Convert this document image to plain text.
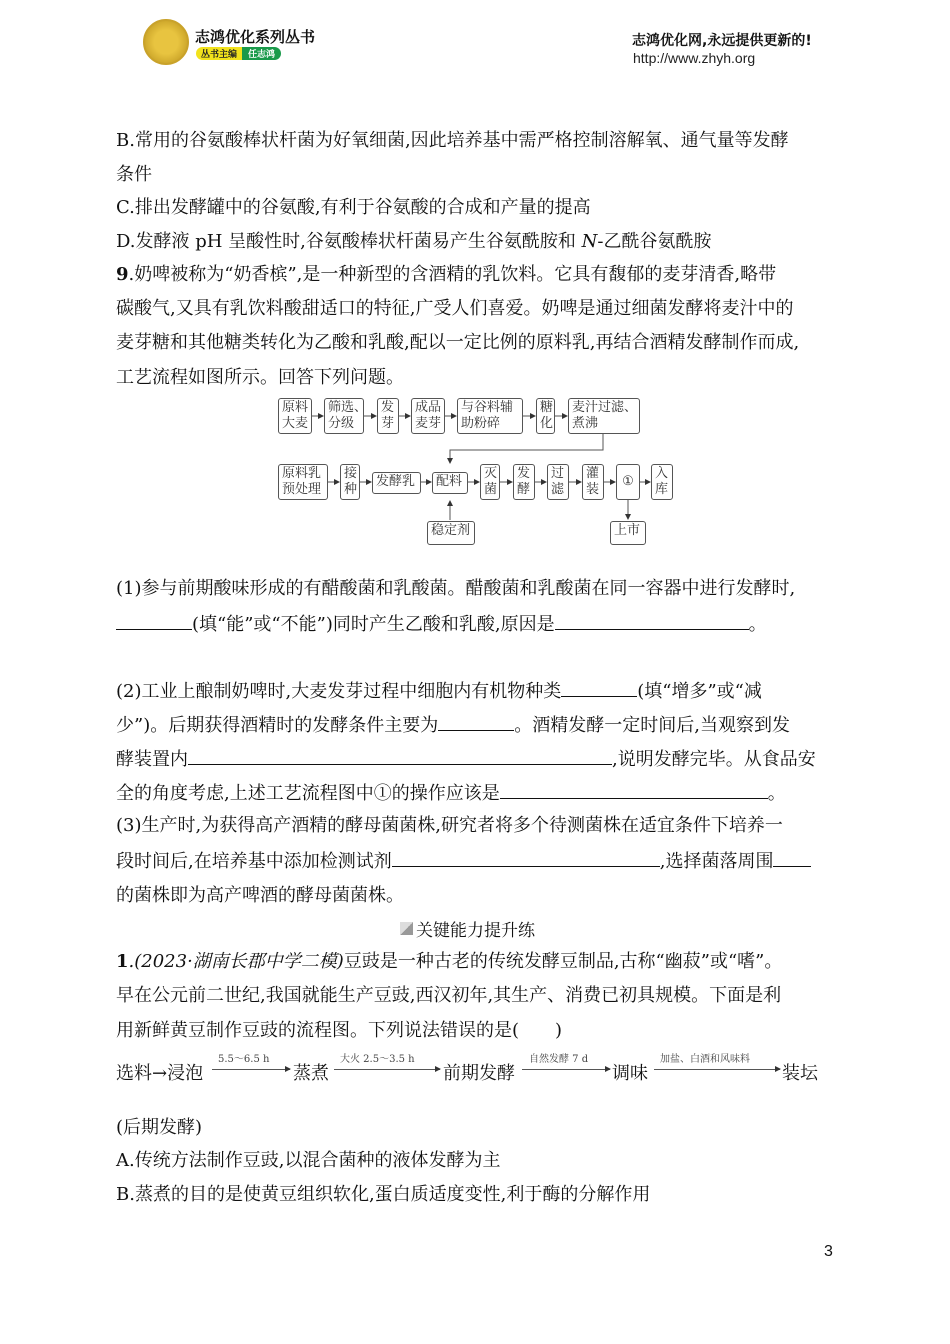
志鸿优化系列丛书
丛书主编	任志鸿
志鸿优化网,永远提供更新的!
http://www.zhyh.org
B.常用的谷氨酸棒状杆菌为好氧细菌,因此培养基中需严格控制溶解氧、通气量等发酵
条件
C.排出发酵罐中的谷氨酸,有利于谷氨酸的合成和产量的提高
D.发酵液 pH 呈酸性时,谷氨酸棒状杆菌易产生谷氨酰胺和 N-乙酰谷氨酰胺
9.奶啤被称为“奶香槟”,是一种新型的含酒精的乳饮料。它具有馥郁的麦芽清香,略带
碳酸气,又具有乳饮料酸甜适口的特征,广受人们喜爱。奶啤是通过细菌发酵将麦汁中的
麦芽糖和其他糖类转化为乙酸和乳酸,配以一定比例的原料乳,再结合酒精发酵制作而成,
工艺流程如图所示。回答下列问题。
原料
大麦
筛选、
分级
发
芽
成品
麦芽
与谷料辅
助粉碎
糖
化
麦汁过滤、
煮沸
原料乳
预处理
接
种
发酵乳	配料
灭
菌
发
酵
过
滤
灌
装
①
入
库
稳定剂	上市
(1)参与前期酸味形成的有醋酸菌和乳酸菌。醋酸菌和乳酸菌在同一容器中进行发酵时,
(填“能”或“不能”)同时产生乙酸和乳酸,原因是	。
(2)工业上酿制奶啤时,大麦发芽过程中细胞内有机物种类	(填“增多”或“减
少”)。后期获得酒精时的发酵条件主要为	。酒精发酵一定时间后,当观察到发
酵装置内	,说明发酵完毕。从食品安
全的角度考虑,上述工艺流程图中①的操作应该是	。
(3)生产时,为获得高产酒精的酵母菌菌株,研究者将多个待测菌株在适宜条件下培养一
段时间后,在培养基中添加检测试剂	,选择菌落周围
的菌株即为高产啤酒的酵母菌菌株。
关键能力提升练
1.(2023·湖南长郡中学二模)豆豉是一种古老的传统发酵豆制品,古称“幽菽”或“嗜”。
早在公元前二世纪,我国就能生产豆豉,西汉初年,其生产、消费已初具规模。下面是利
用新鲜黄豆制作豆豉的流程图。下列说法错误的是(　　)
选料→浸泡
5.5～6.5 h
蒸煮
大火 2.5～3.5 h
前期发酵
自然发酵 7 d
调味
加盐、白酒和风味料
装坛
(后期发酵)
A.传统方法制作豆豉,以混合菌种的液体发酵为主
B.蒸煮的目的是使黄豆组织软化,蛋白质适度变性,利于酶的分解作用
3
